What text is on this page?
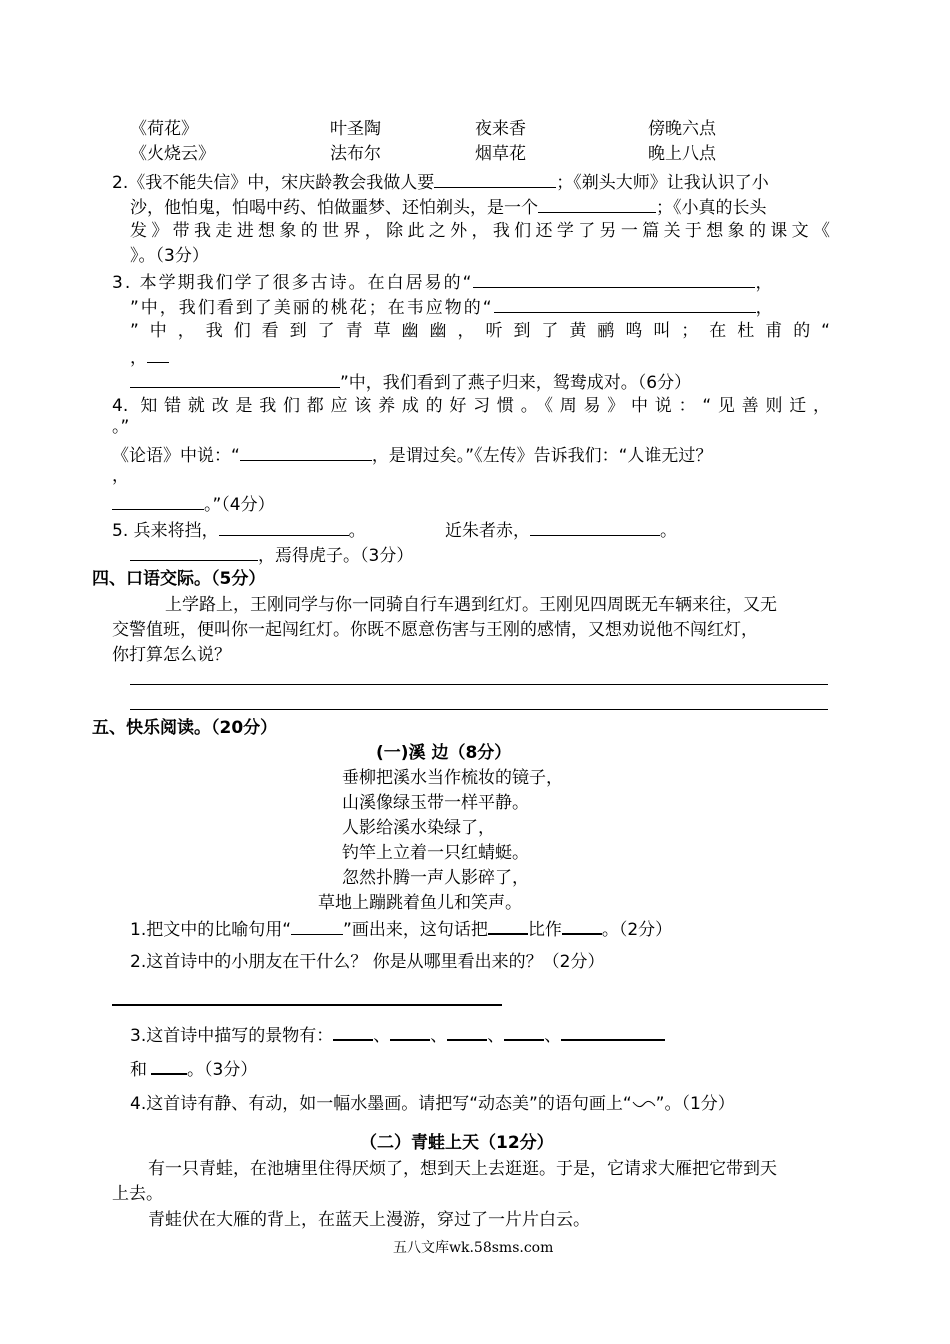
《荷花》	叶圣陶	夜来香	傍晚六点
《火烧云》	法布尔	烟草花	晚上八点
2.《我不能失信》中，宋庆龄教会我做人要	；《剃头大师》让我认识了小
沙，他怕鬼，怕喝中药、怕做噩梦、还怕剃头，是一个	；《小真的长头
发》带我走进想象的世界，除此之外，我们还学了另一篇关于想象的课文《
》。（3分）
3. 本学期我们学了很多古诗。在白居易的“	，
”中，我们看到了美丽的桃花；在韦应物的“	，
”中，我们看到了青草幽幽，听到了黄鹂鸣叫；在杜甫的“
，
”中，我们看到了燕子归来，鸳鸯成对。（6分）
4. 知错就改是我们都应该养成的好习惯。《周易》中说：“见善则迁，
。”
《论语》中说：“	，是谓过矣。”《左传》告诉我们：“人谁无过？
，
。”（4分）
5. 兵来将挡，	。	近朱者赤，	。
，焉得虎子。（3分）
四、口语交际。（5分）
上学路上，王刚同学与你一同骑自行车遇到红灯。王刚见四周既无车辆来往，又无
交警值班，便叫你一起闯红灯。你既不愿意伤害与王刚的感情，又想劝说他不闯红灯，
你打算怎么说？
五、快乐阅读。（20分）
(一)溪 边（8分）
垂柳把溪水当作梳妆的镜子，
山溪像绿玉带一样平静。
人影给溪水染绿了，
钓竿上立着一只红蜻蜓。
忽然扑腾一声人影碎了，
草地上蹦跳着鱼儿和笑声。
1.把文中的比喻句用“	”画出来，这句话把 比作 。（2分）
2.这首诗中的小朋友在干什么？ 你是从哪里看出来的？（2分）
3.这首诗中描写的景物有： 、 、 、 、
和 。（3分）
4.这首诗有静、有动，如一幅水墨画。请把写“动态美”的语句画上“ ”。（1分）
（二）青蛙上天（12分）
有一只青蛙，在池塘里住得厌烦了，想到天上去逛逛。于是，它请求大雁把它带到天
上去。
青蛙伏在大雁的背上，在蓝天上漫游，穿过了一片片白云。
五八文库wk.58sms.com
